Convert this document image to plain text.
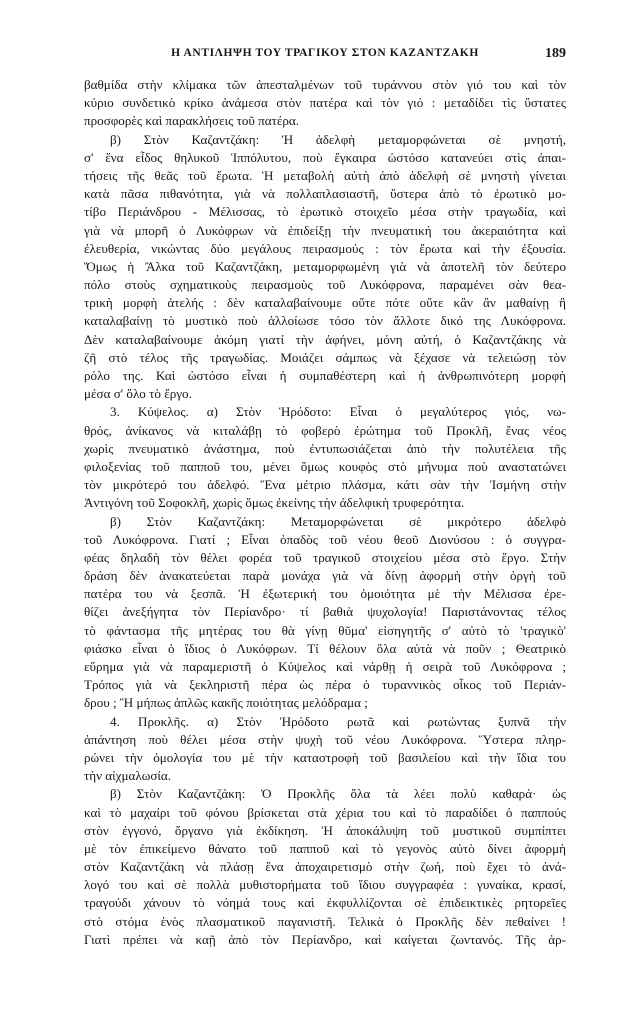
Η ΑΝΤΙΛΗΨΗ ΤΟΥ ΤΡΑΓΙΚΟΥ ΣΤΟΝ ΚΑΖΑΝΤΖΑΚΗ	189
βαθμίδα στὴν κλίμακα τῶν ἀπεσταλμένων τοῦ τυράννου στὸν γιό του καὶ τὸν
κύριο συνδετικὸ κρίκο ἀνάμεσα στὸν πατέρα καὶ τὸν γιό : μεταδίδει τὶς ὕστατες
προσφορὲς καὶ παρακλήσεις τοῦ πατέρα.
β) Στὸν Καζαντζάκη: Ἡ ἀδελφὴ μεταμορφώνεται σὲ μνηστή,
σ' ἕνα εἶδος θηλυκοῦ Ἱππόλυτου, ποὺ ἔγκαιρα ὡστόσο κατανεύει στὶς ἀπαι-
τήσεις τῆς θεᾶς τοῦ ἔρωτα. Ἡ μεταβολὴ αὐτὴ ἀπὸ ἀδελφὴ σὲ μνηστὴ γίνεται
κατὰ πᾶσα πιθανότητα, γιὰ νὰ πολλαπλασιαστῆ, ὕστερα ἀπὸ τὸ ἐρωτικὸ μο-
τίβο Περιάνδρου - Μέλισσας, τὸ ἐρωτικὸ στοιχεῖο μέσα στὴν τραγωδία, καὶ
γιὰ νὰ μπορῆ ὁ Λυκόφρων νὰ ἐπιδείξῃ τὴν πνευματική του ἀκεραιότητα καὶ
ἐλευθερία, νικώντας δύο μεγάλους πειρασμούς : τὸν ἔρωτα καὶ τὴν ἐξουσία.
Ὅμως ἡ Ἄλκα τοῦ Καζαντζάκη, μεταμορφωμένη γιὰ νὰ ἀποτελῆ τὸν δεύτερο
πόλο στοὺς σχηματικοὺς πειρασμοὺς τοῦ Λυκόφρονα, παραμένει σὰν θεα-
τρικὴ μορφὴ ἀτελής : δὲν καταλαβαίνουμε οὔτε πότε οὔτε κἂν ἂν μαθαίνῃ ἢ
καταλαβαίνῃ τὸ μυστικὸ ποὺ ἀλλοίωσε τόσο τὸν ἄλλοτε δικό της Λυκόφρονα.
Δὲν καταλαβαίνουμε ἀκόμη γιατί τὴν ἀφήνει, μόνη αὐτή, ὁ Καζαντζάκης νὰ
ζῆ στὸ τέλος τῆς τραγωδίας. Μοιάζει σάμπως νὰ ξέχασε νὰ τελειώσῃ τὸν
ρόλο της. Καὶ ὡστόσο εἶναι ἡ συμπαθέστερη καὶ ἡ ἀνθρωπινότερη μορφὴ
μέσα σ' ὅλο τὸ ἔργο.
3. Κύψελος. α) Στὸν Ἡρόδοτο: Εἶναι ὁ μεγαλύτερος γιός, νω-
θρός, ἀνίκανος νὰ κιταλάβῃ τὸ φοβερὸ ἐρώτημα τοῦ Προκλῆ, ἕνας νέος
χωρὶς πνευματικὸ ἀνάστημα, ποὺ ἐντυπωσιάζεται ἀπὸ τὴν πολυτέλεια τῆς
φιλοξενίας τοῦ παπποῦ του, μένει ὅμως κουφὸς στὸ μήνυμα ποὺ αναστατώνει
τὸν μικρότερό του ἀδελφό. Ἕνα μέτριο πλάσμα, κάτι σὰν τὴν Ἰσμήνη στὴν
Ἀντιγόνη τοῦ Σοφοκλῆ, χωρὶς ὅμως ἐκείνης τὴν ἀδελφικὴ τρυφερότητα.
β) Στὸν Καζαντζάκη: Μεταμορφώνεται σὲ μικρότερο ἀδελφὸ
τοῦ Λυκόφρονα. Γιατί ; Εἶναι ὀπαδὸς τοῦ νέου θεοῦ Διονύσου : ὁ συγγρα-
φέας δηλαδὴ τὸν θέλει φορέα τοῦ τραγικοῦ στοιχείου μέσα στὸ ἔργο. Στὴν
δράση δὲν ἀνακατεύεται παρὰ μονάχα γιὰ νὰ δίνῃ ἀφορμὴ στὴν ὀργὴ τοῦ
πατέρα του νὰ ξεσπᾶ. Ἡ ἐξωτερική του ὁμοιότητα μὲ τὴν Μέλισσα ἐρε-
θίζει ἀνεξήγητα τὸν Περίανδρο· τί βαθιὰ ψυχολογία! Παριστάνοντας τέλος
τὸ φάντασμα τῆς μητέρας του θὰ γίνῃ θῦμα' εἰσηγητῆς σ' αὐτὸ τὸ 'τραγικὸ'
φιάσκο εἶναι ὁ ἴδιος ὁ Λυκόφρων. Τί θέλουν ὅλα αὐτὰ νὰ ποῦν ; Θεατρικὸ
εὕρημα γιὰ νὰ παραμεριστῆ ὁ Κύψελος καὶ νάρθῃ ἡ σειρὰ τοῦ Λυκόφρονα ;
Τρόπος γιὰ νὰ ξεκληριστῆ πέρα ὡς πέρα ὁ τυραννικὸς οἶκος τοῦ Περιάν-
δρου ; Ἢ μήπως ἁπλῶς κακῆς ποιότητας μελόδραμα ;
4. Προκλῆς. α) Στὸν Ἡρόδοτο ρωτᾶ καὶ ρωτώντας ξυπνᾶ τὴν
ἀπάντηση ποὺ θέλει μέσα στὴν ψυχὴ τοῦ νέου Λυκόφρονα. Ὕστερα πληρ-
ρώνει τὴν ὁμολογία του μὲ τὴν καταστροφὴ τοῦ βασιλείου καὶ τὴν ἴδια του
τὴν αἰχμαλωσία.
β) Στὸν Καζαντζάκη: Ὁ Προκλῆς ὅλα τὰ λέει πολὺ καθαρά· ὡς
καὶ τὸ μαχαίρι τοῦ φόνου βρίσκεται στὰ χέρια του καὶ τὸ παραδίδει ὁ παππούς
στὸν ἐγγονό, ὄργανο γιὰ ἐκδίκηση. Ἡ ἀποκάλυψη τοῦ μυστικοῦ συμπίπτει
μὲ τὸν ἐπικείμενο θάνατο τοῦ παπποῦ καὶ τὸ γεγονὸς αὐτὸ δίνει ἀφορμὴ
στὸν Καζαντζάκη νὰ πλάσῃ ἕνα ἀποχαιρετισμὸ στὴν ζωή, ποὺ ἔχει τὸ ἀνά-
λογό του καὶ σὲ πολλὰ μυθιστορήματα τοῦ ἴδιου συγγραφέα : γυναίκα, κρασί,
τραγούδι χάνουν τὸ νόημά τους καὶ ἐκφυλλίζονται σὲ ἐπιδεικτικὲς ρητορεῖες
στὸ στόμα ἑνὸς πλασματικοῦ παγανιστῆ. Τελικὰ ὁ Προκλῆς δὲν πεθαίνει !
Γιατὶ πρέπει νὰ καῇ ἀπὸ τὸν Περίανδρο, καὶ καίγεται ζωντανός. Τῆς ἀρ-
